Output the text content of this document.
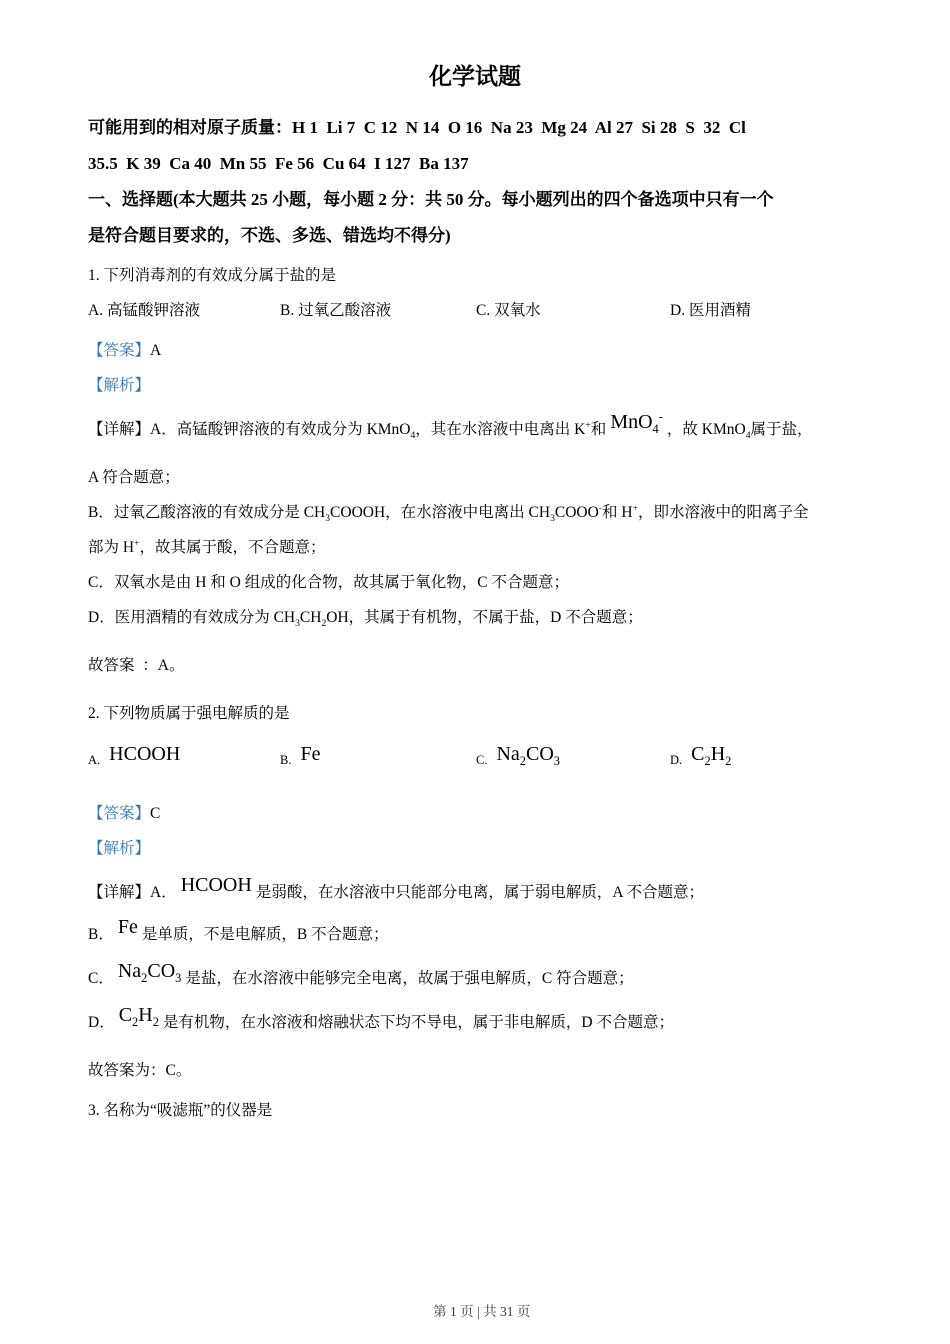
化学试题
可能用到的相对原子质量：H 1  Li 7  C 12  N 14  O 16  Na 23  Mg 24  Al 27  Si 28  S  32  Cl
35.5  K 39  Ca 40  Mn 55  Fe 56  Cu 64  I 127  Ba 137
一、选择题(本大题共 25 小题，每小题 2 分：共 50 分。每小题列出的四个备选项中只有一个
是符合题目要求的，不选、多选、错选均不得分)
1. 下列消毒剂的有效成分属于盐的是
A. 高锰酸钾溶液	B. 过氧乙酸溶液	C. 双氧水	D. 医用酒精
【答案】A
【解析】
【详解】A．高锰酸钾溶液的有效成分为 KMnO$_4$，其在水溶液中电离出 K+和 MnO$_4$-，故 KMnO$_4$属于盐，
A 符合题意；
B．过氧乙酸溶液的有效成分是 $CH_3COOOH$，在水溶液中电离出 $CH_3COOO^-$和 H+，即水溶液中的阳离子全
部为 H+，故其属于酸，不合题意；
C．双氧水是由 H 和 O 组成的化合物，故其属于氧化物，C 不合题意；
D．医用酒精的有效成分为 $CH_3CH_2OH$，其属于有机物，不属于盐，D 不合题意；
故答案  ：A。
2. 下列物质属于强电解质的是
A. HCOOH	B. Fe	C. $Na_2CO_3$	D. $C_2H_2$
【答案】C
【解析】
【详解】A． HCOOH 是弱酸，在水溶液中只能部分电离，属于弱电解质，A 不合题意；
B． Fe 是单质，不是电解质，B 不合题意；
C． $Na_2CO_3$ 是盐，在水溶液中能够完全电离，故属于强电解质，C 符合题意；
D． $C_2H_2$ 是有机物，在水溶液和熔融状态下均不导电，属于非电解质，D 不合题意；
故答案为：C。
3. 名称为“吸滤瓶”的仪器是

第 1 页 | 共 31 页
